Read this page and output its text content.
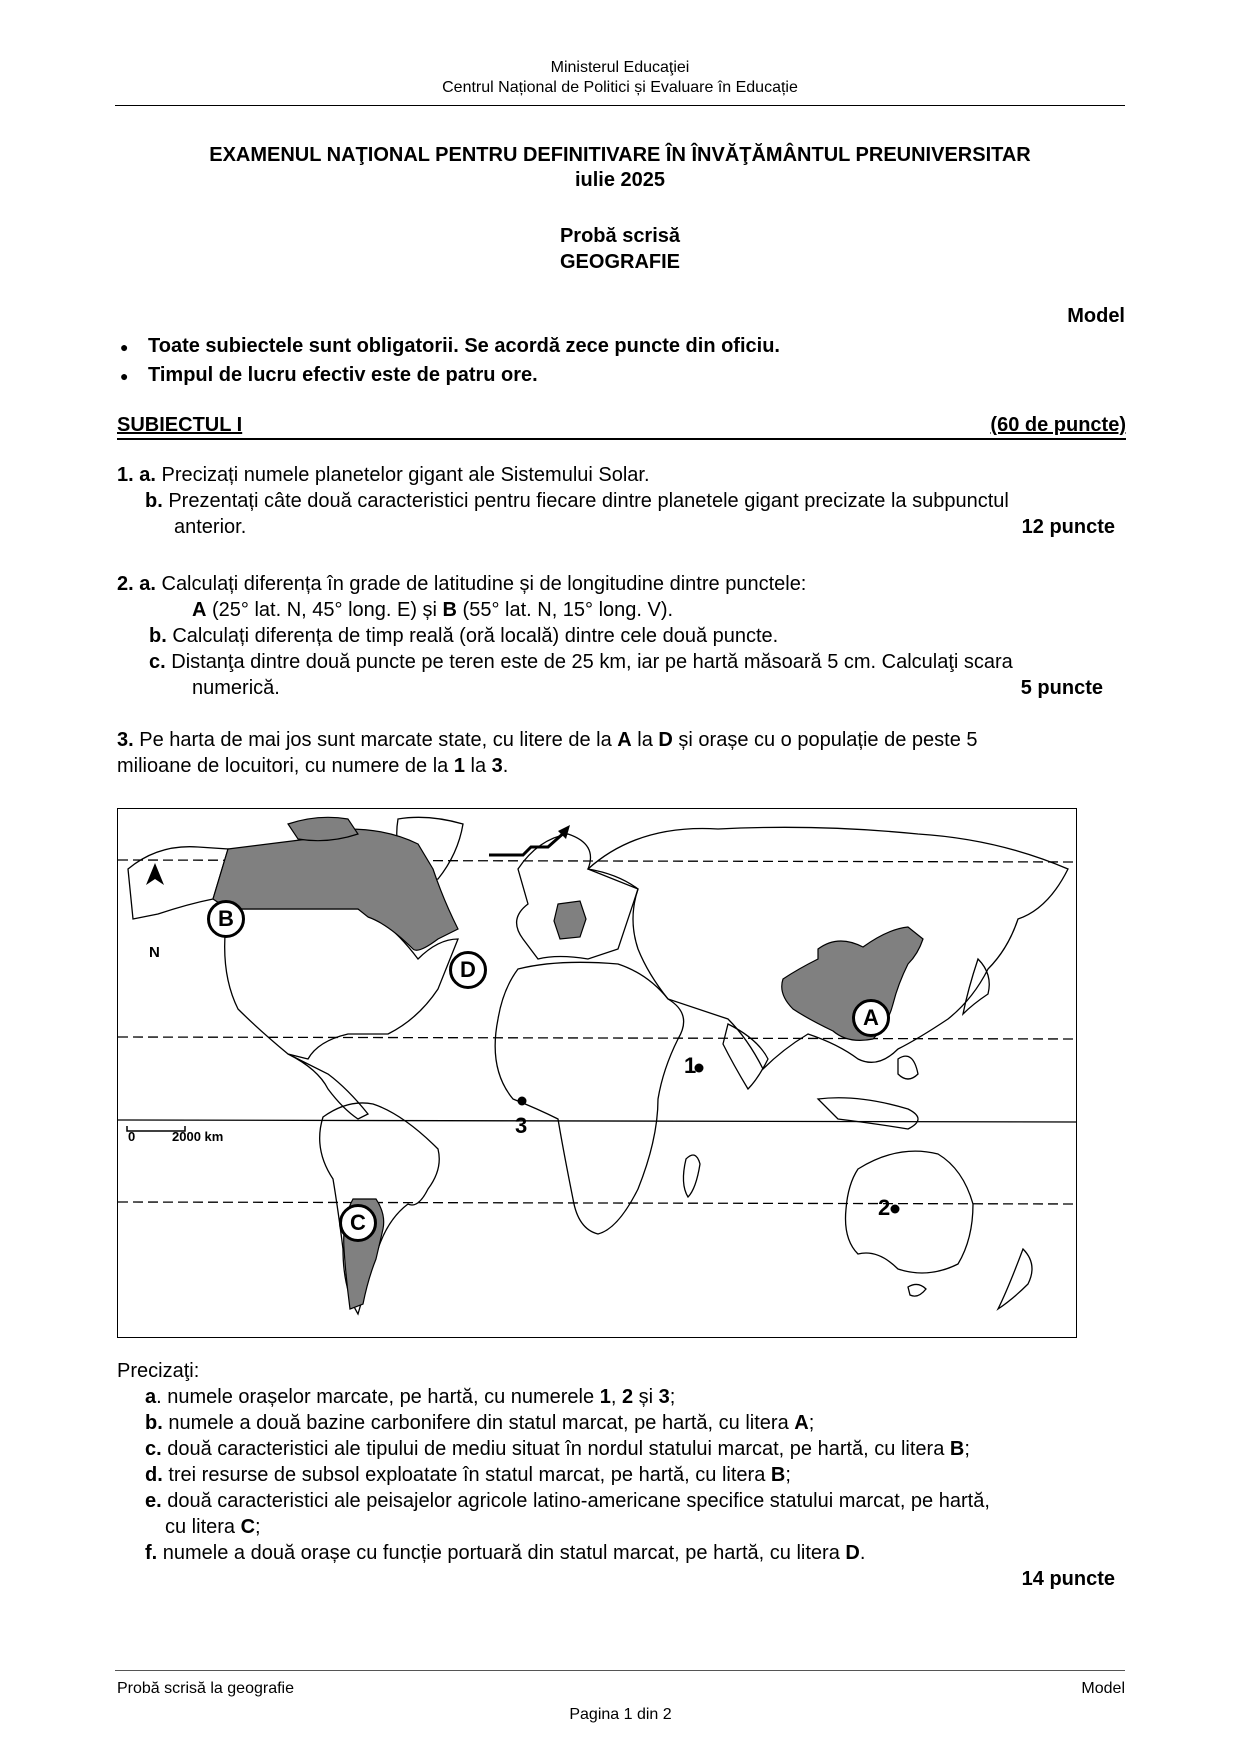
Ministerul Educaţiei
Centrul Național de Politici și Evaluare în Educație
EXAMENUL NAŢIONAL PENTRU DEFINITIVARE ÎN ÎNVĂŢĂMÂNTUL PREUNIVERSITAR
iulie 2025
Probă scrisă
GEOGRAFIE
Model
● Toate subiectele sunt obligatorii. Se acordă zece puncte din oficiu.
● Timpul de lucru efectiv este de patru ore.
SUBIECTUL I	(60 de puncte)
1. a. Precizați numele planetelor gigant ale Sistemului Solar.
b. Prezentați câte două caracteristici pentru fiecare dintre planetele gigant precizate la subpunctul
anterior.	12 puncte
2. a. Calculați diferența în grade de latitudine și de longitudine dintre punctele:
A (25° lat. N, 45° long. E) și B (55° lat. N, 15° long. V).
b. Calculați diferența de timp reală (oră locală) dintre cele două puncte.
c. Distanţa dintre două puncte pe teren este de 25 km, iar pe hartă măsoară 5 cm. Calculaţi scara
numerică.	5 puncte
3. Pe harta de mai jos sunt marcate state, cu litere de la A la D și orașe cu o populație de peste 5
milioane de locuitori, cu numere de la 1 la 3.
B
D
A
C
1
2
3
N
0	2000 km
Precizaţi:
a. numele orașelor marcate, pe hartă, cu numerele 1, 2 și 3;
b. numele a două bazine carbonifere din statul marcat, pe hartă, cu litera A;
c. două caracteristici ale tipului de mediu situat în nordul statului marcat, pe hartă, cu litera B;
d. trei resurse de subsol exploatate în statul marcat, pe hartă, cu litera B;
e. două caracteristici ale peisajelor agricole latino-americane specifice statului marcat, pe hartă,
cu litera C;
f. numele a două orașe cu funcție portuară din statul marcat, pe hartă, cu litera D.
14 puncte
Probă scrisă la geografie	Model
Pagina 1 din 2
